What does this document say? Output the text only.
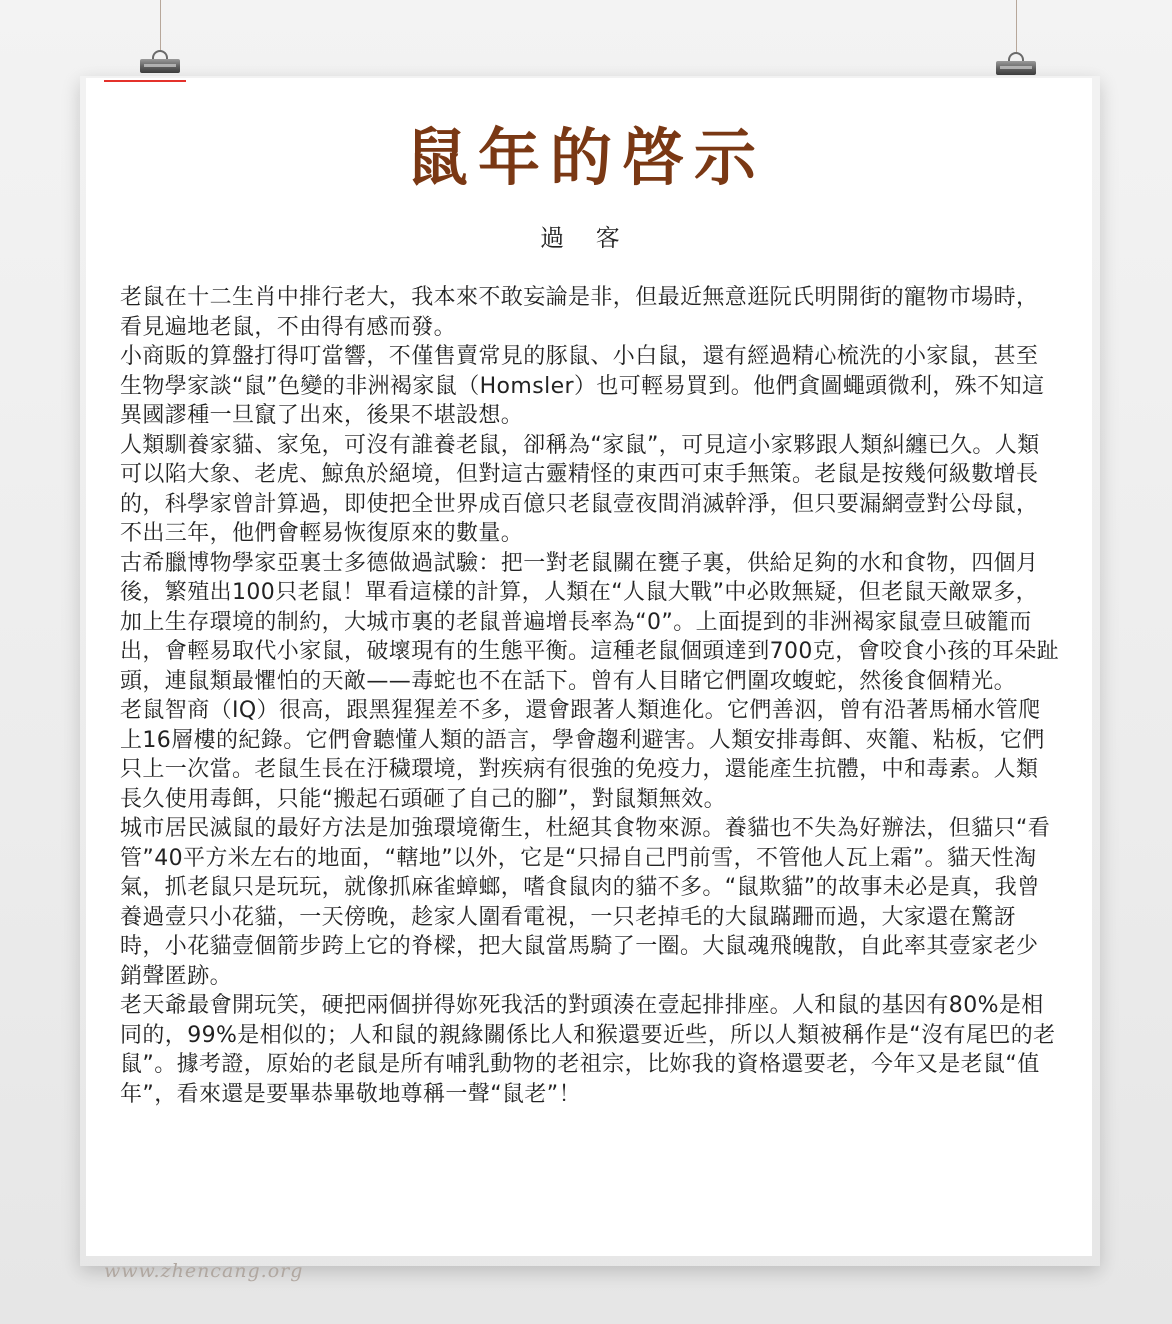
鼠年的啓示
過 客

老鼠在十二生肖中排行老大，我本來不敢妄論是非，但最近無意逛阮氏明開街的寵物市場時，看見遍地老鼠，不由得有感而發。

小商販的算盤打得叮當響，不僅售賣常見的豚鼠、小白鼠，還有經過精心梳洗的小家鼠，甚至生物學家談“鼠”色變的非洲褐家鼠（Homsler）也可輕易買到。他們貪圖蠅頭微利，殊不知這異國謬種一旦竄了出來，後果不堪設想。

人類馴養家貓、家兔，可沒有誰養老鼠，卻稱為“家鼠”，可見這小家夥跟人類糾纏已久。人類可以陷大象、老虎、鯨魚於絕境，但對這古靈精怪的東西可束手無策。老鼠是按幾何級數增長的，科學家曾計算過，即使把全世界成百億只老鼠壹夜間消滅幹淨，但只要漏網壹對公母鼠，不出三年，他們會輕易恢復原來的數量。

古希臘博物學家亞裏士多德做過試驗：把一對老鼠關在甕子裏，供給足夠的水和食物，四個月後，繁殖出100只老鼠！單看這樣的計算，人類在“人鼠大戰”中必敗無疑，但老鼠天敵眾多，加上生存環境的制約，大城市裏的老鼠普遍增長率為“0”。上面提到的非洲褐家鼠壹旦破籠而出，會輕易取代小家鼠，破壞現有的生態平衡。這種老鼠個頭達到700克，會咬食小孩的耳朵趾頭，連鼠類最懼怕的天敵——毒蛇也不在話下。曾有人目睹它們圍攻蝮蛇，然後食個精光。

老鼠智商（IQ）很高，跟黑猩猩差不多，還會跟著人類進化。它們善泅，曾有沿著馬桶水管爬上16層樓的紀錄。它們會聽懂人類的語言，學會趨利避害。人類安排毒餌、夾籠、粘板，它們只上一次當。老鼠生長在汙穢環境，對疾病有很強的免疫力，還能產生抗體，中和毒素。人類長久使用毒餌，只能“搬起石頭砸了自己的腳”，對鼠類無效。

城市居民滅鼠的最好方法是加強環境衛生，杜絕其食物來源。養貓也不失為好辦法，但貓只“看管”40平方米左右的地面，“轄地”以外，它是“只掃自己門前雪，不管他人瓦上霜”。貓天性淘氣，抓老鼠只是玩玩，就像抓麻雀蟑螂，嗜食鼠肉的貓不多。“鼠欺貓”的故事未必是真，我曾養過壹只小花貓，一天傍晚，趁家人圍看電視，一只老掉毛的大鼠蹣跚而過，大家還在驚訝時，小花貓壹個箭步跨上它的脊樑，把大鼠當馬騎了一圈。大鼠魂飛魄散，自此率其壹家老少銷聲匿跡。

老天爺最會開玩笑，硬把兩個拼得妳死我活的對頭湊在壹起排排座。人和鼠的基因有80%是相同的，99%是相似的；人和鼠的親緣關係比人和猴還要近些，所以人類被稱作是“沒有尾巴的老鼠”。據考證，原始的老鼠是所有哺乳動物的老祖宗，比妳我的資格還要老，今年又是老鼠“值年”，看來還是要畢恭畢敬地尊稱一聲“鼠老”！

www.zhencang.org
